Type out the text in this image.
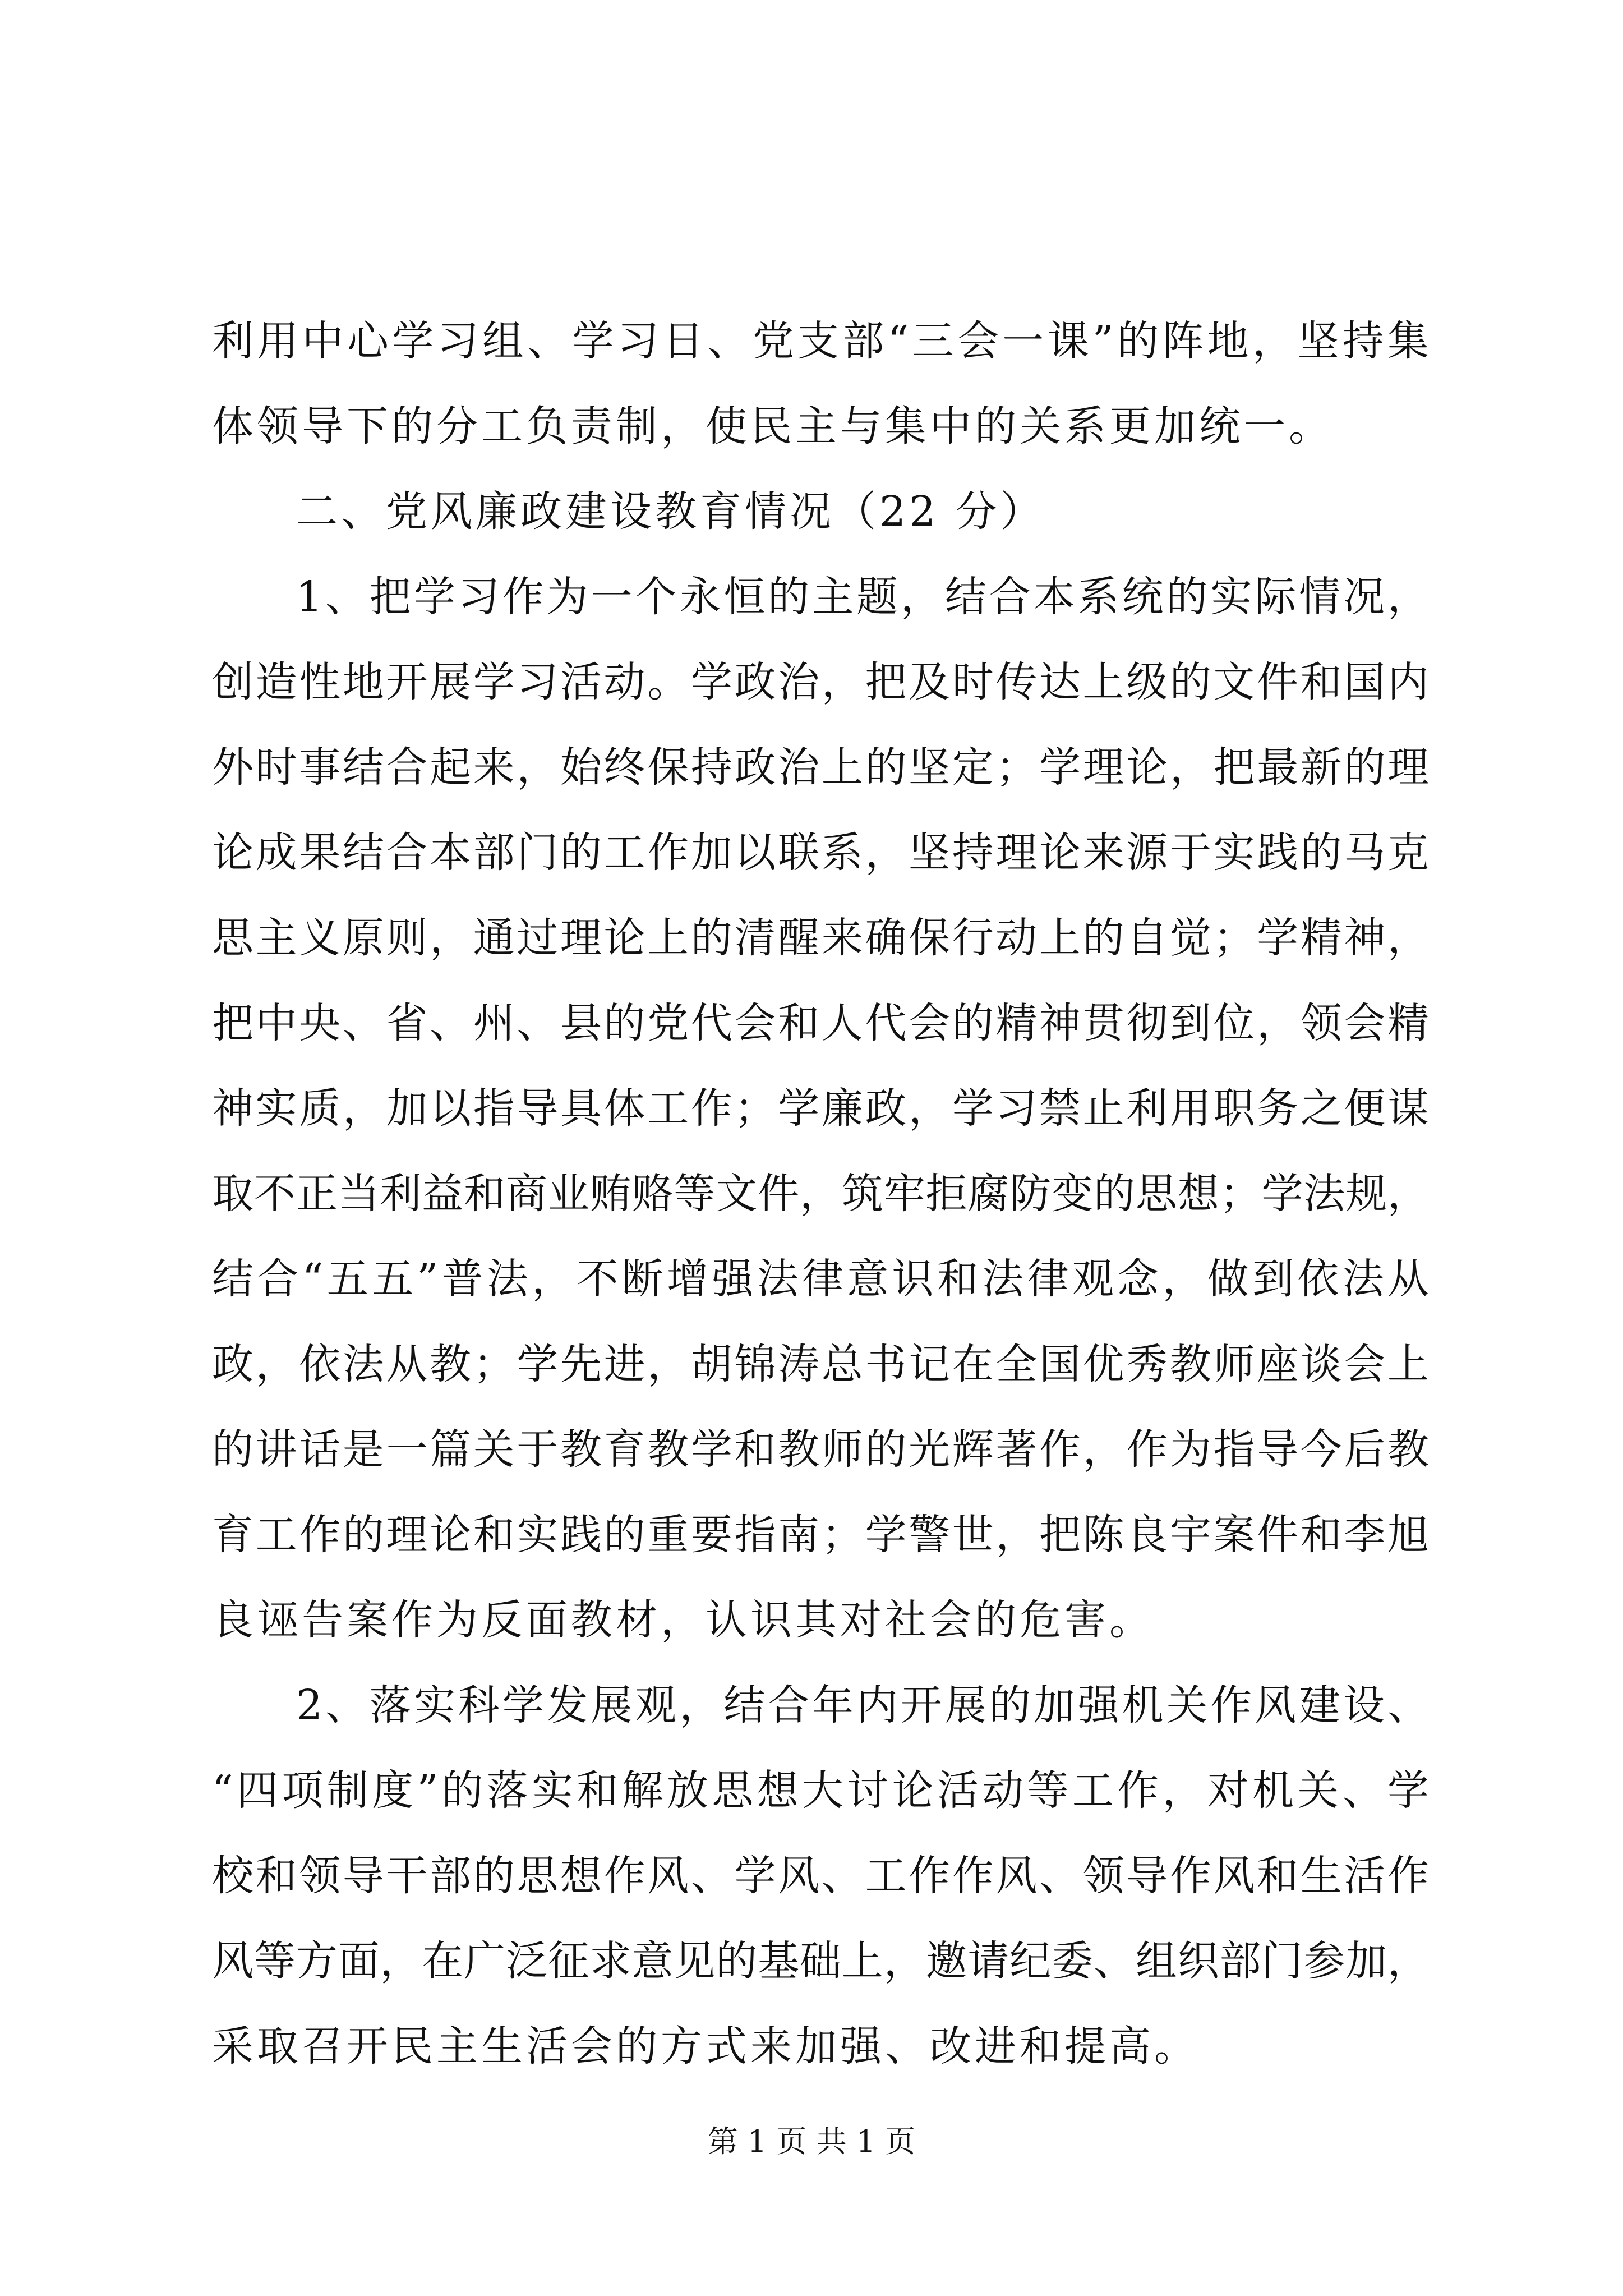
利用中心学习组、学习日、党支部“三会一课”的阵地，坚持集
体领导下的分工负责制，使民主与集中的关系更加统一。
二、党风廉政建设教育情况（22 分）
1、把学习作为一个永恒的主题，结合本系统的实际情况，
创造性地开展学习活动。学政治，把及时传达上级的文件和国内
外时事结合起来，始终保持政治上的坚定；学理论，把最新的理
论成果结合本部门的工作加以联系，坚持理论来源于实践的马克
思主义原则，通过理论上的清醒来确保行动上的自觉；学精神，
把中央、省、州、县的党代会和人代会的精神贯彻到位，领会精
神实质，加以指导具体工作；学廉政，学习禁止利用职务之便谋
取不正当利益和商业贿赂等文件，筑牢拒腐防变的思想；学法规，
结合“五五”普法，不断增强法律意识和法律观念，做到依法从
政，依法从教；学先进，胡锦涛总书记在全国优秀教师座谈会上
的讲话是一篇关于教育教学和教师的光辉著作，作为指导今后教
育工作的理论和实践的重要指南；学警世，把陈良宇案件和李旭
良诬告案作为反面教材，认识其对社会的危害。
2、落实科学发展观，结合年内开展的加强机关作风建设、
“四项制度”的落实和解放思想大讨论活动等工作，对机关、学
校和领导干部的思想作风、学风、工作作风、领导作风和生活作
风等方面，在广泛征求意见的基础上，邀请纪委、组织部门参加，
采取召开民主生活会的方式来加强、改进和提高。
第 1 页 共 1 页
